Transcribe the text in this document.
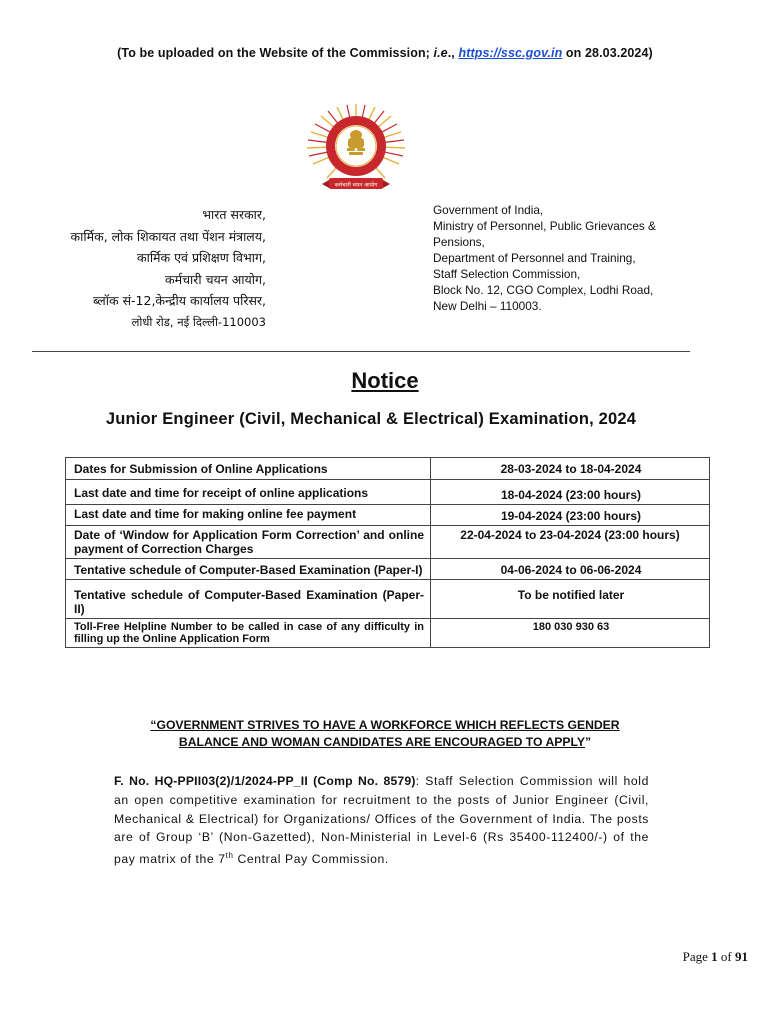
(To be uploaded on the Website of the Commission; i.e., https://ssc.gov.in on 28.03.2024)
कर्मचारी चयन आयोग
भारत सरकार,
कार्मिक, लोक शिकायत तथा पेंशन मंत्रालय,
कार्मिक एवं प्रशिक्षण विभाग,
कर्मचारी चयन आयोग,
ब्लॉक सं-12,केन्द्रीय कार्यालय परिसर,
लोधी रोड, नई दिल्ली-110003
Government of India,
Ministry of Personnel, Public Grievances &
Pensions,
Department of Personnel and Training,
Staff Selection Commission,
Block No. 12, CGO Complex, Lodhi Road,
New Delhi – 110003.
Notice
Junior Engineer (Civil, Mechanical & Electrical) Examination, 2024
Dates for Submission of Online Applications	28-03-2024 to 18-04-2024
Last date and time for receipt of online applications	18-04-2024 (23:00 hours)
Last date and time for making online fee payment	19-04-2024 (23:00 hours)
Date of ‘Window for Application Form Correction’ and online payment of Correction Charges	22-04-2024 to 23-04-2024 (23:00 hours)
Tentative schedule of Computer-Based Examination (Paper-I)	04-06-2024 to 06-06-2024
Tentative schedule of Computer-Based Examination (Paper-II)	To be notified later
Toll-Free Helpline Number to be called in case of any difficulty in filling up the Online Application Form	180 030 930 63
“GOVERNMENT STRIVES TO HAVE A WORKFORCE WHICH REFLECTS GENDER
BALANCE AND WOMAN CANDIDATES ARE ENCOURAGED TO APPLY”

F. No. HQ-PPII03(2)/1/2024-PP_II (Comp No. 8579): Staff Selection Commission will hold an open competitive examination for recruitment to the posts of Junior Engineer (Civil, Mechanical & Electrical) for Organizations/ Offices of the Government of India. The posts are of Group ‘B’ (Non-Gazetted), Non-Ministerial in Level-6 (Rs 35400-112400/-) of the pay matrix of the 7th Central Pay Commission.

Page 1 of 91
